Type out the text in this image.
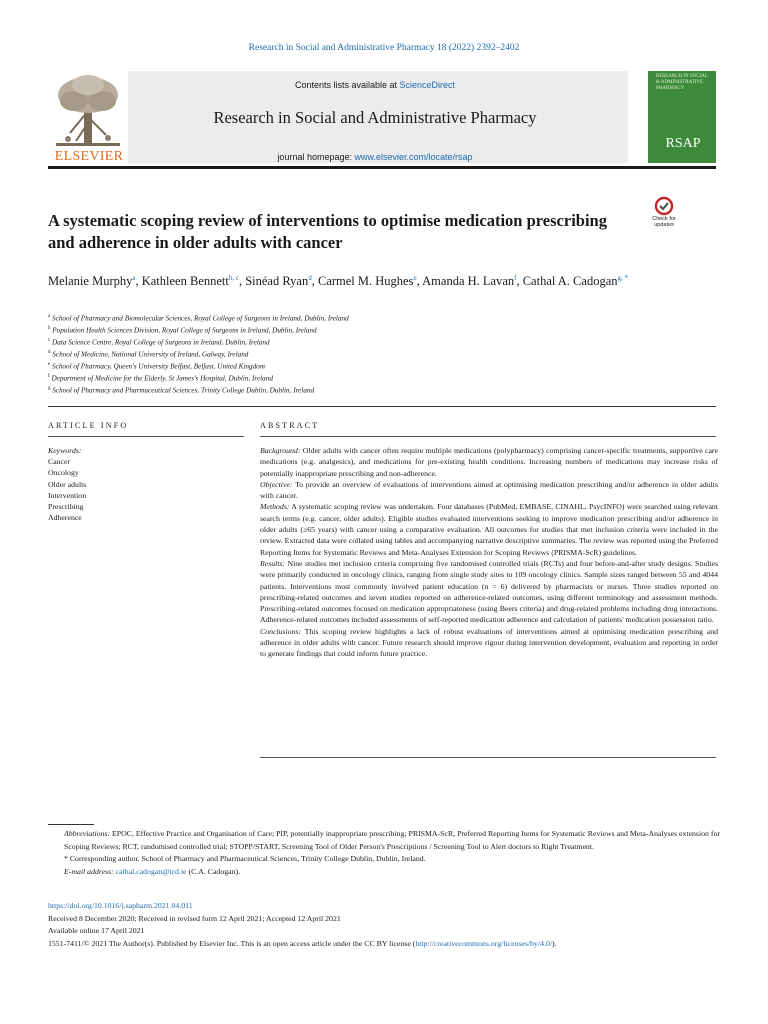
Research in Social and Administrative Pharmacy 18 (2022) 2392–2402
ELSEVIER
Contents lists available at ScienceDirect
Research in Social and Administrative Pharmacy
journal homepage: www.elsevier.com/locate/rsap
RESEARCH IN SOCIAL & ADMINISTRATIVE PHARMACY
RSAP
A systematic scoping review of interventions to optimise medication prescribing and adherence in older adults with cancer
Check for updates
Melanie Murphy$^a$, Kathleen Bennett$^{b, c}$, Sinéad Ryan$^d$, Carmel M. Hughes$^e$, Amanda H. Lavan$^f$, Cathal A. Cadogan$^{g, *}$
$^a$ School of Pharmacy and Biomolecular Sciences, Royal College of Surgeons in Ireland, Dublin, Ireland
$^b$ Population Health Sciences Division, Royal College of Surgeons in Ireland, Dublin, Ireland
$^c$ Data Science Centre, Royal College of Surgeons in Ireland, Dublin, Ireland
$^d$ School of Medicine, National University of Ireland, Galway, Ireland
$^e$ School of Pharmacy, Queen's University Belfast, Belfast, United Kingdom
$^f$ Department of Medicine for the Elderly, St James's Hospital, Dublin, Ireland
$^g$ School of Pharmacy and Pharmaceutical Sciences, Trinity College Dublin, Dublin, Ireland
ARTICLE INFO
Keywords:
Cancer
Oncology
Older adults
Intervention
Prescribing
Adherence
ABSTRACT

Background: Older adults with cancer often require multiple medications (polypharmacy) comprising cancer-specific treatments, supportive care medications (e.g. analgesics), and medications for pre-existing health conditions. Increasing numbers of medications may increase risks of potentially inappropriate prescribing and non-adherence.

Objective: To provide an overview of evaluations of interventions aimed at optimising medication prescribing and/or adherence in older adults with cancer.

Methods: A systematic scoping review was undertaken. Four databases (PubMed, EMBASE, CINAHL, PsycINFO) were searched using relevant search terms (e.g. cancer, older adults). Eligible studies evaluated interventions seeking to improve medication prescribing and/or adherence in older adults (≥65 years) with cancer using a comparative evaluation. All outcomes for studies that met inclusion criteria were included in the review. Extracted data were collated using tables and accompanying narrative descriptive summaries. The review was reported using the Preferred Reporting Items for Systematic Reviews and Meta-Analyses Extension for Scoping Reviews (PRISMA-ScR) guidelines.

Results: Nine studies met inclusion criteria comprising five randomised controlled trials (RCTs) and four before-and-after study designs. Studies were primarily conducted in oncology clinics, ranging from single study sites to 109 oncology clinics. Sample sizes ranged between 55 and 4044 patients. Interventions most commonly involved patient education (n = 6) delivered by pharmacists or nurses. Three studies reported on prescribing-related outcomes and seven studies reported on adherence-related outcomes, using different terminology and assessment methods. Prescribing-related outcomes focused on medication appropriateness (using Beers criteria) and drug-related problems including drug interactions. Adherence-related outcomes included assessments of self-reported medication adherence and calculation of patients' medication possession ratio.

Conclusions: This scoping review highlights a lack of robust evaluations of interventions aimed at optimising medication prescribing and adherence in older adults with cancer. Future research should improve rigour during intervention development, evaluation and reporting in order to generate findings that could inform future practice.

Abbreviations: EPOC, Effective Practice and Organisation of Care; PIP, potentially inappropriate prescribing; PRISMA-ScR, Preferred Reporting Items for Systematic Reviews and Meta-Analyses extension for Scoping Reviews; RCT, randomised controlled trial; STOPP/START, Screening Tool of Older Person's Prescriptions / Screening Tool to Alert doctors to Right Treatment.

* Corresponding author. School of Pharmacy and Pharmaceutical Sciences, Trinity College Dublin, Dublin, Ireland.

E-mail address: cathal.cadogan@tcd.ie (C.A. Cadogan).

https://doi.org/10.1016/j.sapharm.2021.04.011

Received 8 December 2020; Received in revised form 12 April 2021; Accepted 12 April 2021

Available online 17 April 2021

1551-7411/© 2021 The Author(s). Published by Elsevier Inc. This is an open access article under the CC BY license (http://creativecommons.org/licenses/by/4.0/).
